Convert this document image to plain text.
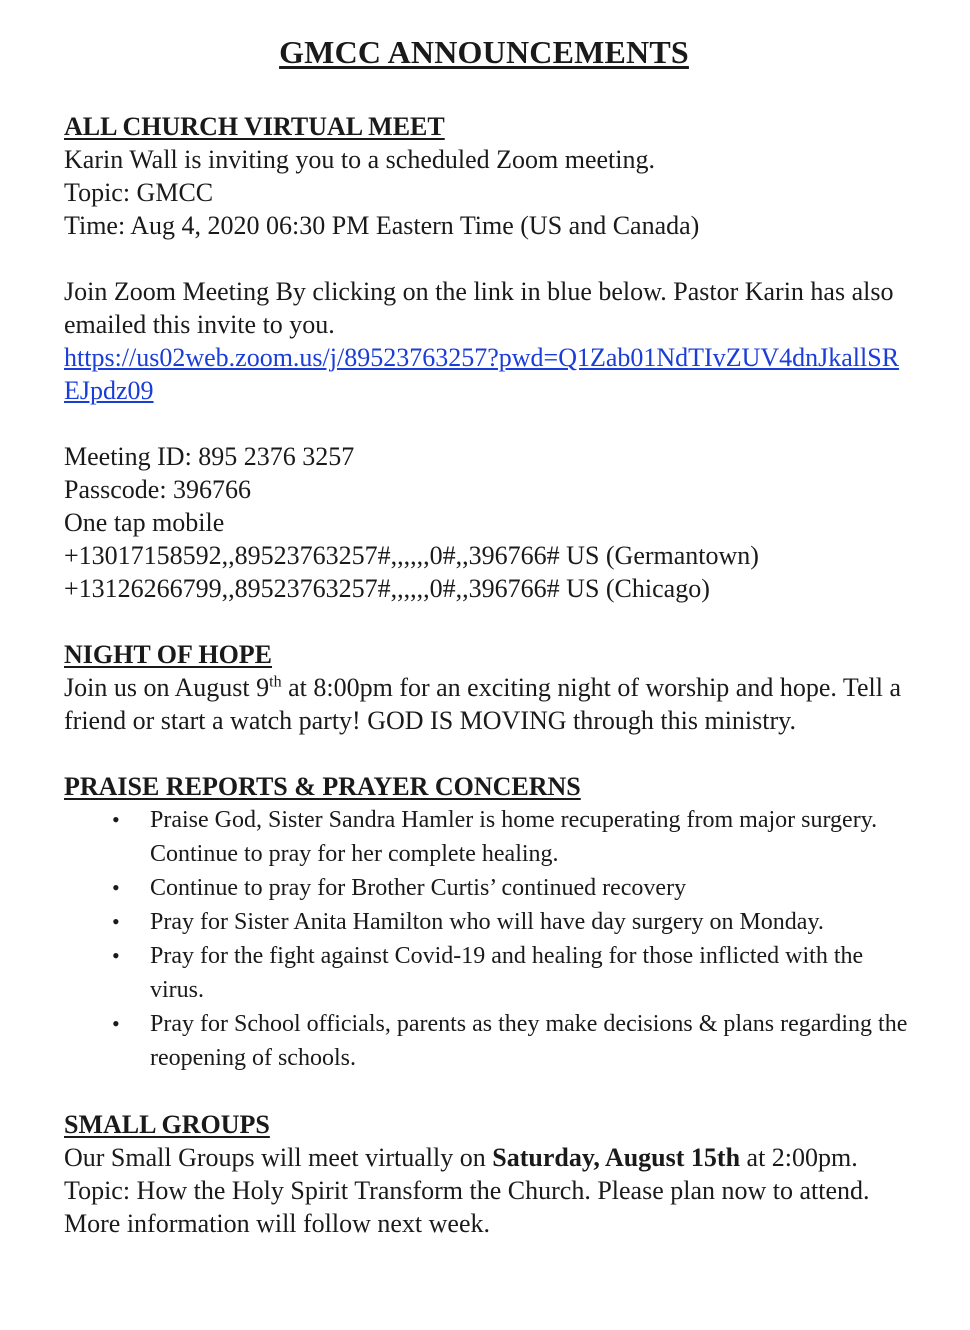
GMCC ANNOUNCEMENTS
ALL CHURCH VIRTUAL MEET

Karin Wall is inviting you to a scheduled Zoom meeting.

Topic: GMCC

Time: Aug 4, 2020 06:30 PM Eastern Time (US and Canada)

Join Zoom Meeting By clicking on the link in blue below. Pastor Karin has also emailed this invite to you.

https://us02web.zoom.us/j/89523763257?pwd=Q1Zab01NdTIvZUV4dnJkallSREJpdz09

Meeting ID: 895 2376 3257

Passcode: 396766

One tap mobile

+13017158592,,89523763257#,,,,,,0#,,396766# US (Germantown)

+13126266799,,89523763257#,,,,,,0#,,396766# US (Chicago)

NIGHT OF HOPE

Join us on August 9th at 8:00pm for an exciting night of worship and hope. Tell a friend or start a watch party! GOD IS MOVING through this ministry.

PRAISE REPORTS & PRAYER CONCERNS
• Praise God, Sister Sandra Hamler is home recuperating from major surgery. Continue to pray for her complete healing.
• Continue to pray for Brother Curtis’ continued recovery
• Pray for Sister Anita Hamilton who will have day surgery on Monday.
• Pray for the fight against Covid-19 and healing for those inflicted with the virus.
• Pray for School officials, parents as they make decisions & plans regarding the reopening of schools.
SMALL GROUPS

Our Small Groups will meet virtually on Saturday, August 15th at 2:00pm. Topic: How the Holy Spirit Transform the Church. Please plan now to attend. More information will follow next week.
